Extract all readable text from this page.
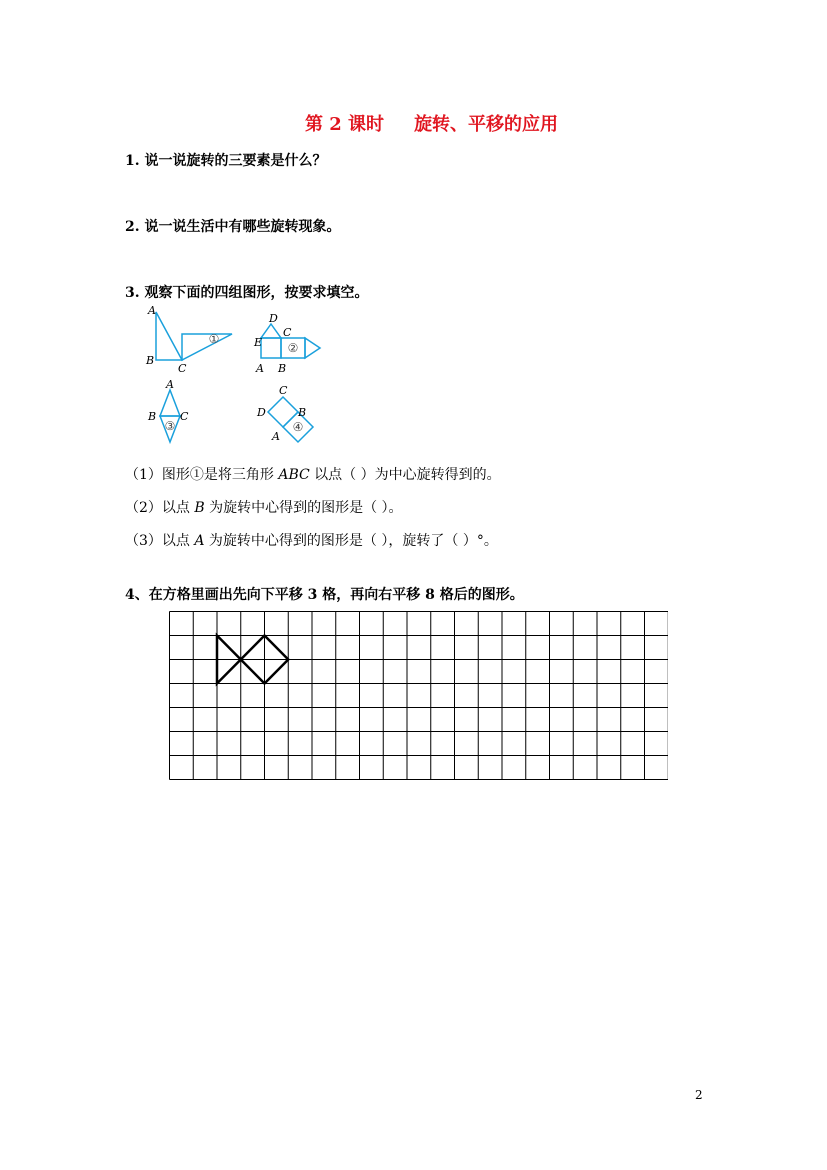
第 2 课时 旋转、平移的应用
1. 说一说旋转的三要素是什么？
2. 说一说生活中有哪些旋转现象。
3. 观察下面的四组图形，按要求填空。
A
B
C
D
C
E
A B
A
B C
C
D	B
A
①
②
③	④
（1）图形①是将三角形 ABC 以点（ ）为中心旋转得到的。
（2）以点 B 为旋转中心得到的图形是（ ）。
（3）以点 A 为旋转中心得到的图形是（ ），旋转了（ ）°。
4、在方格里画出先向下平移 3 格，再向右平移 8 格后的图形。
2
